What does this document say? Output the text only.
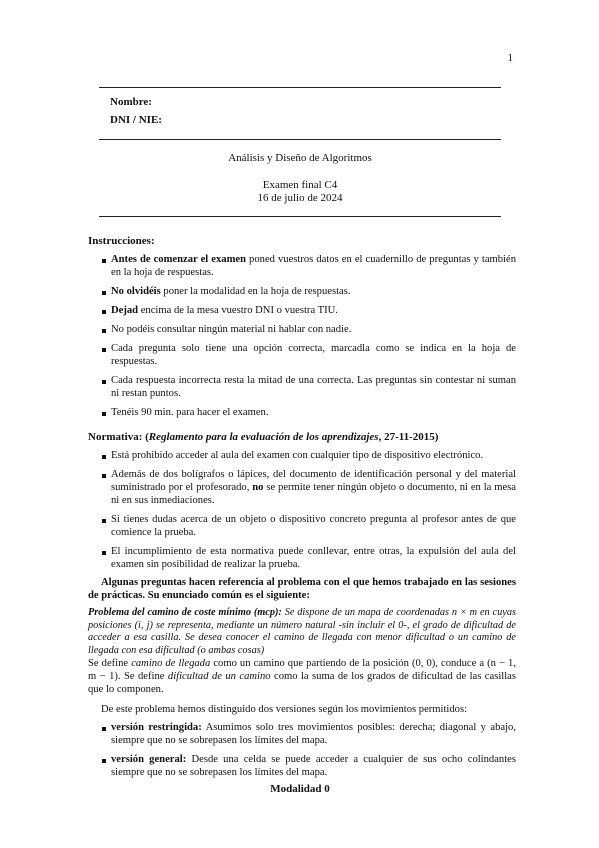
1
Nombre:
DNI / NIE:
Análisis y Diseño de Algoritmos
Examen final C4
16 de julio de 2024
Instrucciones:
Antes de comenzar el examen poned vuestros datos en el cuadernillo de preguntas y también en la hoja de respuestas.
No olvidéis poner la modalidad en la hoja de respuestas.
Dejad encima de la mesa vuestro DNI o vuestra TIU.
No podéis consultar ningún material ni hablar con nadie.
Cada pregunta solo tiene una opción correcta, marcadla como se indica en la hoja de respuestas.
Cada respuesta incorrecta resta la mitad de una correcta. Las preguntas sin contestar ni suman ni restan puntos.
Tenéis 90 min. para hacer el examen.
Normativa: (Reglamento para la evaluación de los aprendizajes, 27-11-2015)
Está prohibido acceder al aula del examen con cualquier tipo de dispositivo electrónico.
Además de dos bolígrafos o lápices, del documento de identificación personal y del material suministrado por el profesorado, no se permite tener ningún objeto o documento, ni en la mesa ni en sus inmediaciones.
Si tienes dudas acerca de un objeto o dispositivo concreto pregunta al profesor antes de que comience la prueba.
El incumplimiento de esta normativa puede conllevar, entre otras, la expulsión del aula del examen sin posibilidad de realizar la prueba.
Algunas preguntas hacen referencia al problema con el que hemos trabajado en las sesiones de prácticas. Su enunciado común es el siguiente:
Problema del camino de coste mínimo (mcp): Se dispone de un mapa de coordenadas n × m en cuyas posiciones (i, j) se representa, mediante un número natural -sin incluir el 0-, el grado de dificultad de acceder a esa casilla. Se desea conocer el camino de llegada con menor dificultad o un camino de llegada con esa dificultad (o ambas cosas)
Se define camino de llegada como un camino que partiendo de la posición (0, 0), conduce a (n − 1, m − 1). Se define dificultad de un camino como la suma de los grados de dificultad de las casillas que lo componen.
De este problema hemos distinguido dos versiones según los movimientos permitidos:
versión restringida: Asumimos solo tres movimientos posibles: derecha; diagonal y abajo, siempre que no se sobrepasen los límites del mapa.
versión general: Desde una celda se puede acceder a cualquier de sus ocho colindantes siempre que no se sobrepasen los límites del mapa.
Modalidad 0
